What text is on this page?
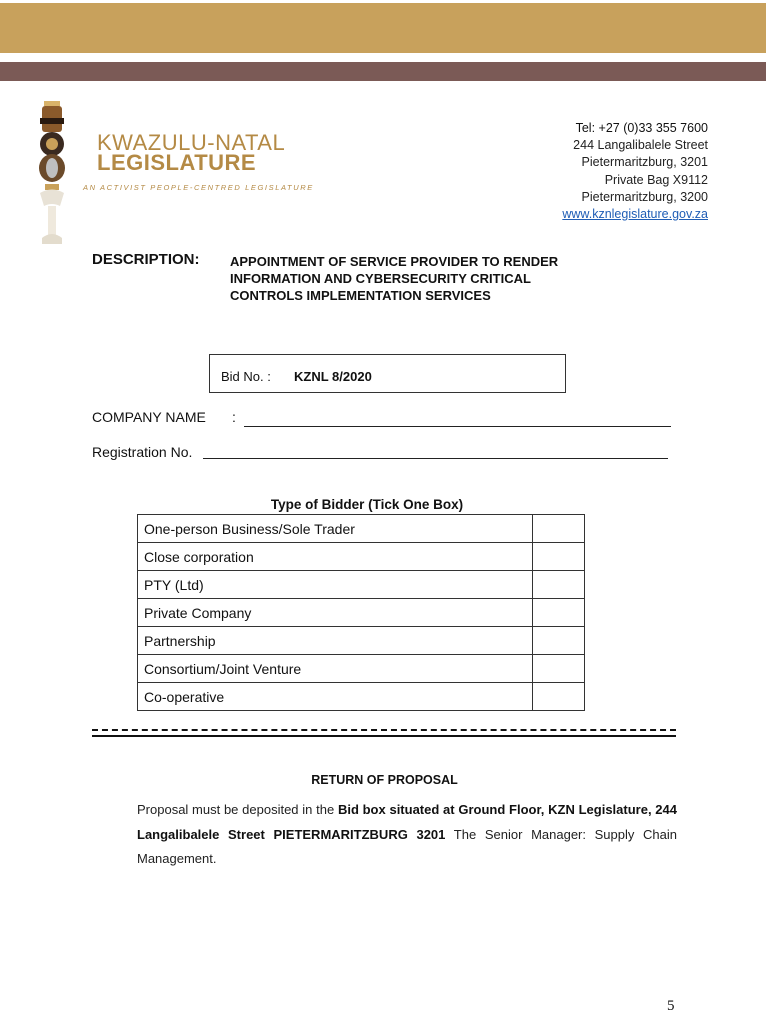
KWAZULU-NATAL
LEGISLATURE
AN ACTIVIST PEOPLE-CENTRED LEGISLATURE
Tel: +27 (0)33 355 7600
244 Langalibalele Street
Pietermaritzburg, 3201
Private Bag X9112
Pietermaritzburg, 3200
www.kznlegislature.gov.za
DESCRIPTION: APPOINTMENT OF SERVICE PROVIDER TO RENDER
INFORMATION AND CYBERSECURITY CRITICAL
CONTROLS IMPLEMENTATION SERVICES
Bid No. : KZNL 8/2020
COMPANY NAME :
Registration No.
Type of Bidder (Tick One Box)
One-person Business/Sole Trader	
Close corporation	
PTY (Ltd)	
Private Company	
Partnership	
Consortium/Joint Venture	
Co-operative	
RETURN OF PROPOSAL
Proposal must be deposited in the Bid box situated at Ground Floor, KZN Legislature, 244 Langalibalele Street PIETERMARITZBURG 3201 The Senior Manager: Supply Chain Management.
5
